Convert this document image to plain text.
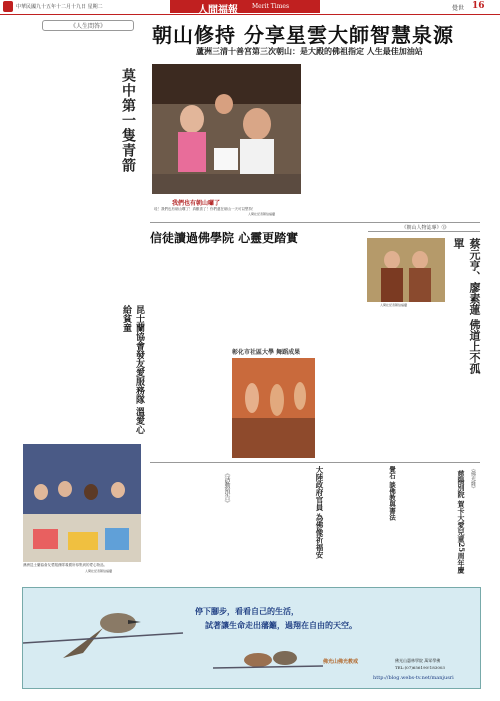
中華民國九十五年十二月十九日 星期二	人間福報 Merit Times	覺世 16
《人生問答》
莫中第一隻青箭
朝山修持 分享星雲大師智慧泉源
蘆洲三清十善宮第三次朝山：是大殿的佛祖指定 人生最佳加油站
我們也有朝山囉了
哇！我們也有朝山囉了！真歡喜了！你們還在朝山一天可以堅持！
人間社記者陳信福攝
信徒讀過佛學院 心靈更踏實
彰化市社區大學 舞蹈成果
《朝山人物誌專》⑬
人間社記者陳信福攝	蔡元亨、廖素蓮 佛道上不孤單
昆士蘭協會發友愛服務隊 溫愛心給貧童
澳洲昆士蘭協會友愛服務隊義賣所募集到的愛心物品。
人間社記者陳信福攝
《活動預告》	大陸政府官員 為佛像祈福安	覺石 談佛教與書法	《佛光緣》
慈陽別院 賀卡大愛兒童25周年慶
停下腳步，看看自己的生活，
試著讓生命走出藩籬，過翔在自由的天空。
佛光山佛光教戒	佛光山惠林學院 萬眾學佛
TEL:(07)656190!183003
http://blog.webs-tv.net/manjusri
